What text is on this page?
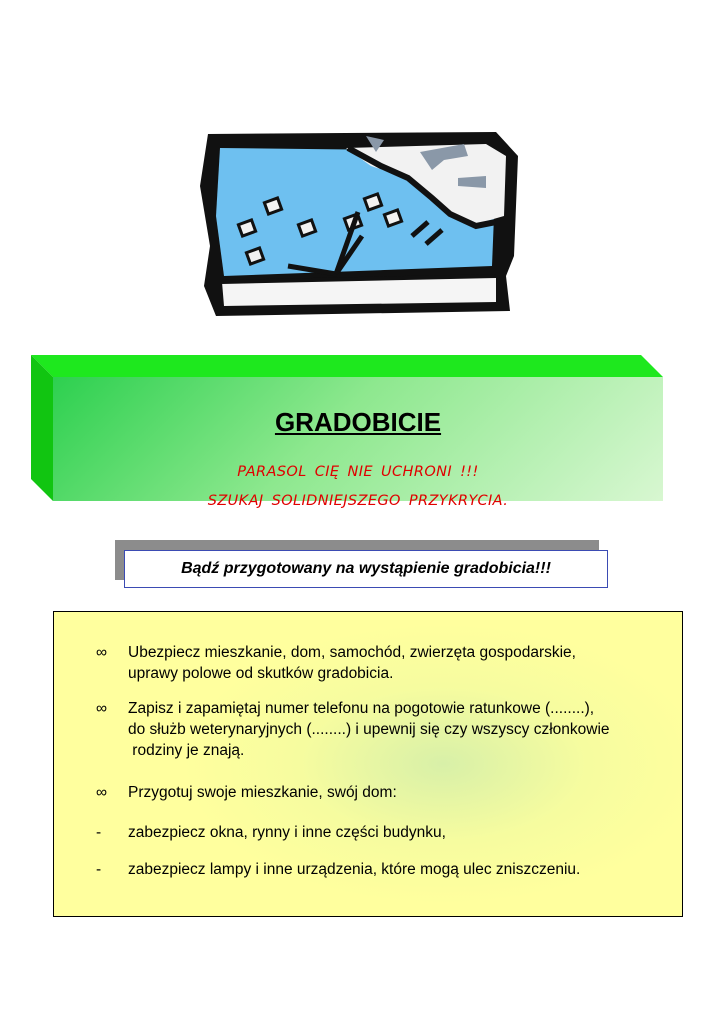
GRADOBICIE
PARASOL CIĘ NIE UCHRONI !!!
SZUKAJ SOLIDNIEJSZEGO PRZYKRYCIA.
Bądź przygotowany na wystąpienie gradobicia!!!
∞	Ubezpiecz mieszkanie, dom, samochód, zwierzęta gospodarskie,
uprawy polowe od skutków gradobicia.
∞	Zapisz i zapamiętaj numer telefonu na pogotowie ratunkowe (........),
do służb weterynaryjnych (........) i upewnij się czy wszyscy członkowie
rodziny je znają.
∞	Przygotuj swoje mieszkanie, swój dom:
-	zabezpiecz okna, rynny i inne części budynku,
-	zabezpiecz lampy i inne urządzenia, które mogą ulec zniszczeniu.
